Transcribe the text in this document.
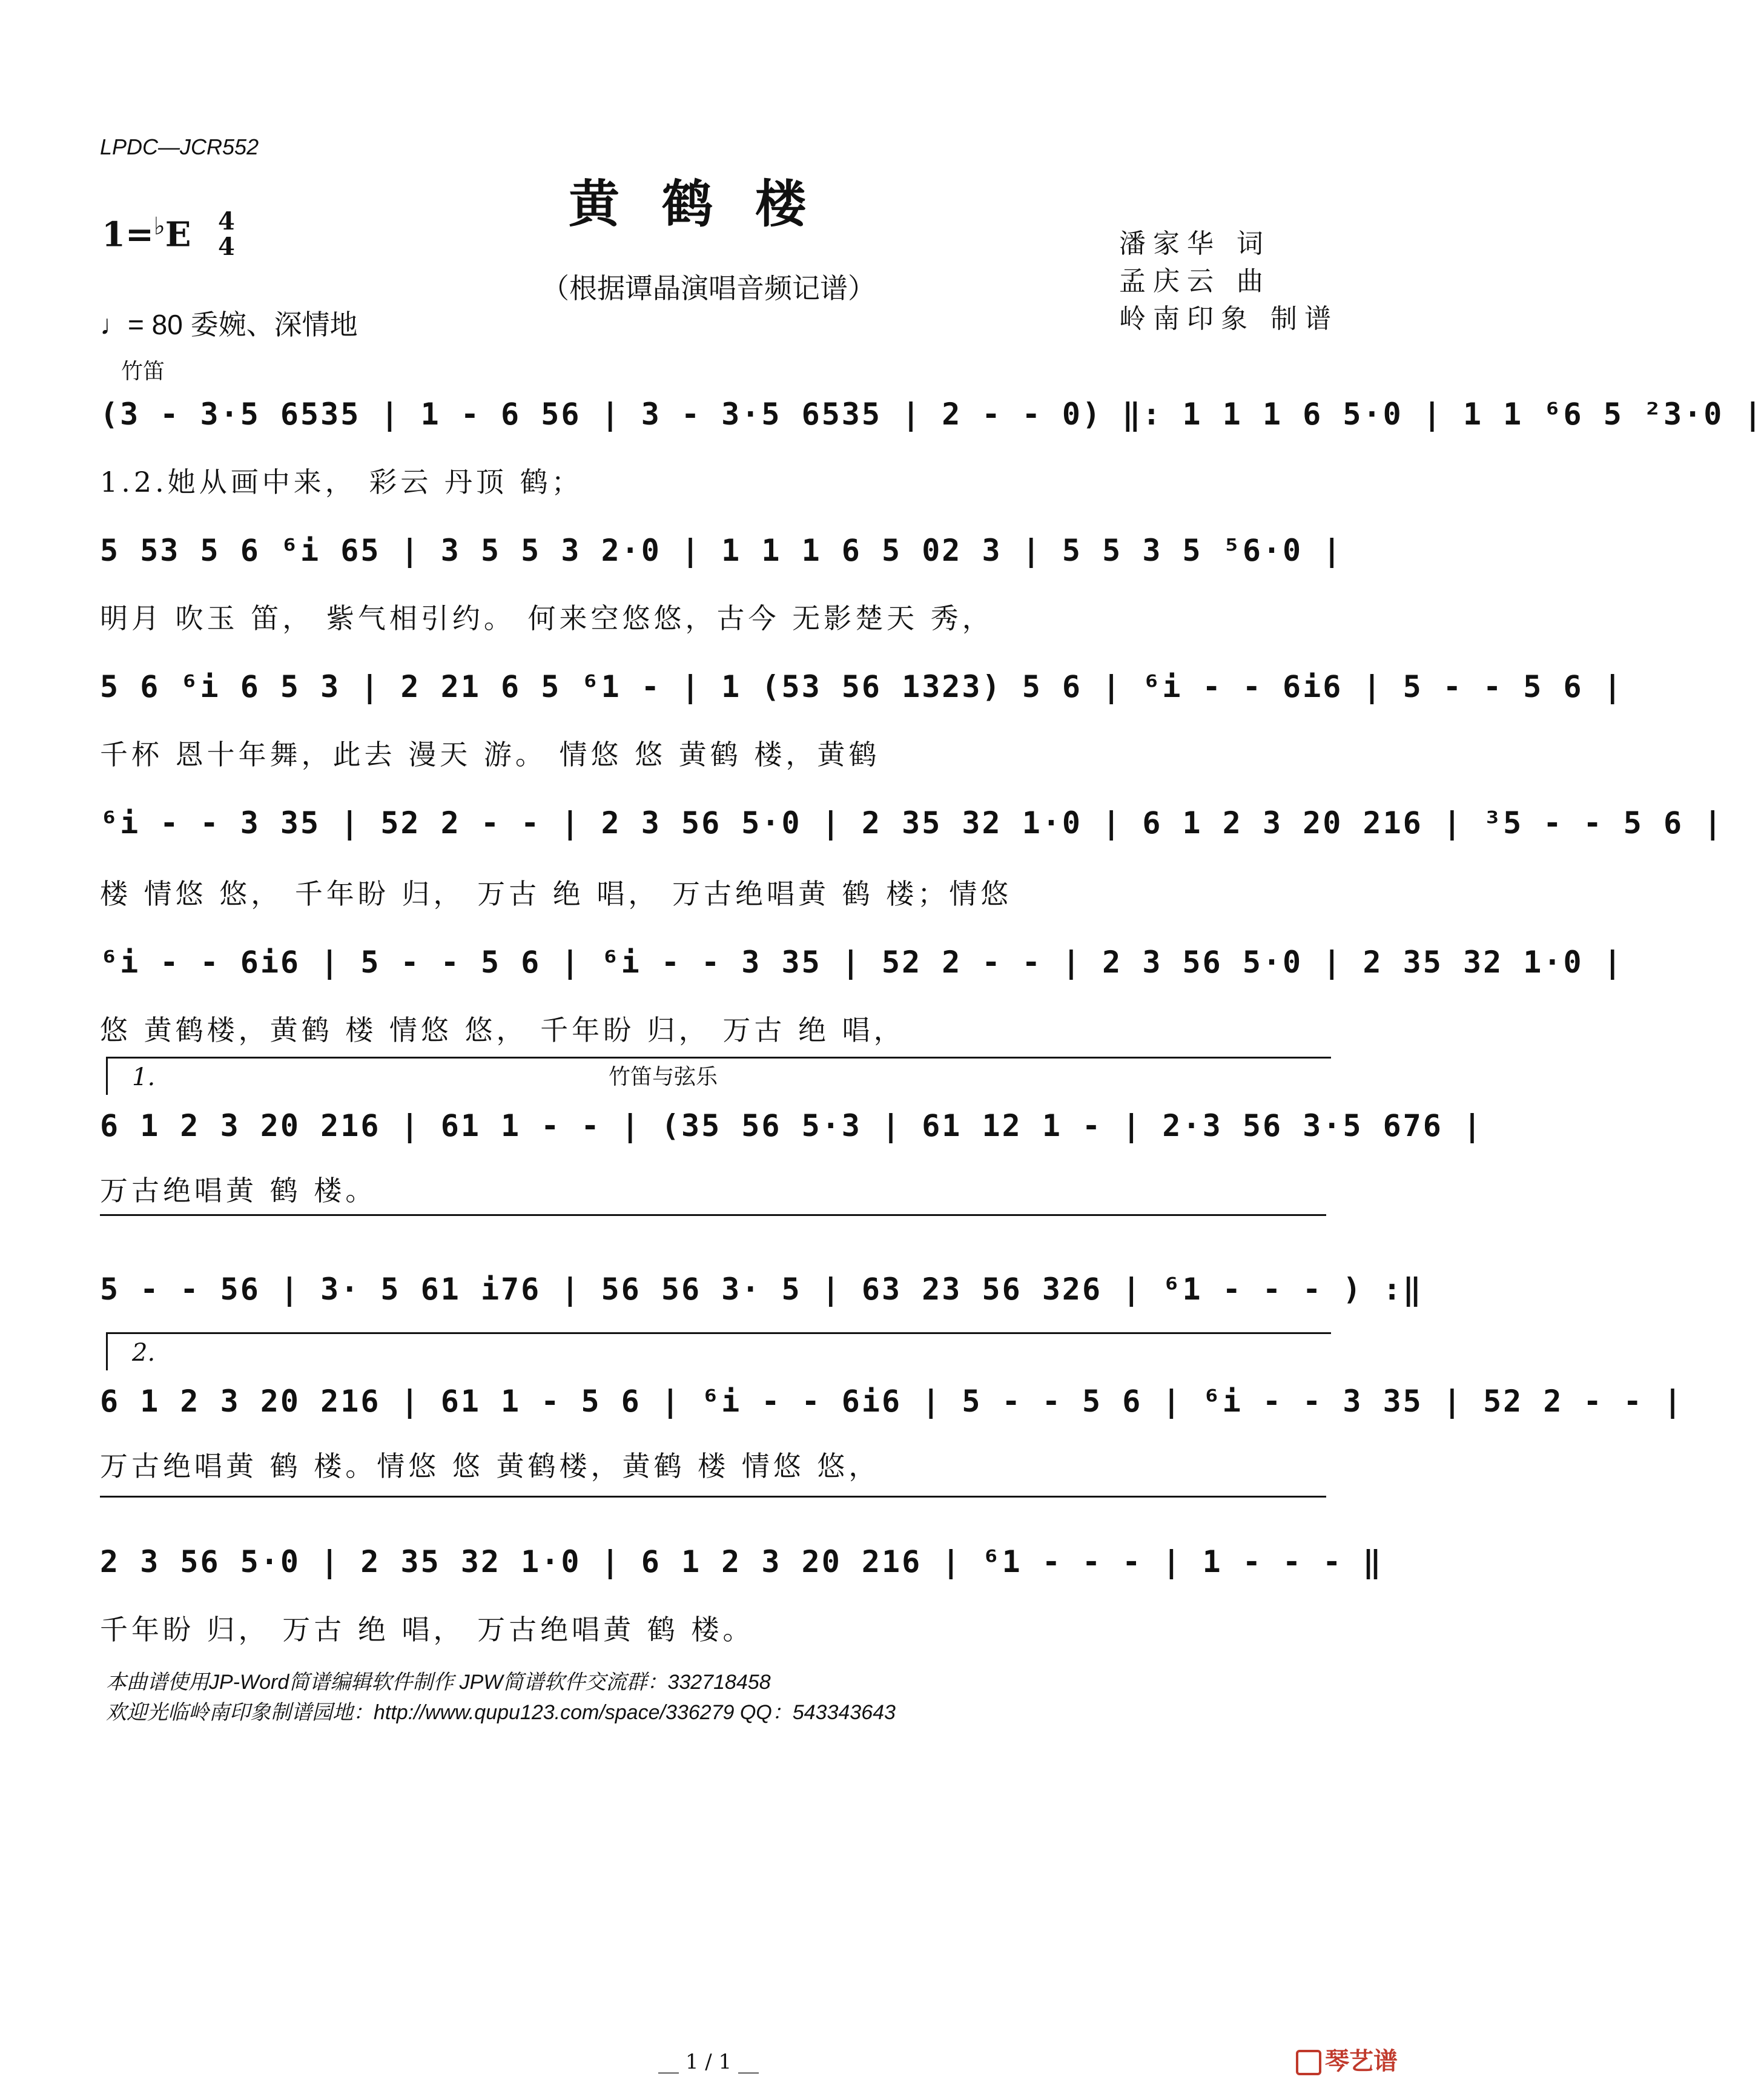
LPDC—JCR552
黄鹤楼
（根据谭晶演唱音频记谱）
1=♭E 4
4
♩= 80 委婉、深情地
潘家华 词
孟庆云 曲
岭南印象 制谱
竹笛
(3 - 3·5 6535 | 1 - 6 56 | 3 - 3·5 6535 | 2 - - 0) ‖: 1 1 1 6 5·0 | 1 1 ⁶6 5 ²3·0 |
1.2.她从画中来， 彩云 丹顶 鹤；
5 53 5 6 ⁶i 65 | 3 5 5 3 2·0 | 1 1 1 6 5 02 3 | 5 5 3 5 ⁵6·0 |
明月 吹玉 笛， 紫气相引约。 何来空悠悠，古今 无影楚天 秀，
5 6 ⁶i 6 5 3 | 2 21 6 5 ⁶1 - | 1 (53 56 1323) 5 6 | ⁶i - - 6i6 | 5 - - 5 6 |
千杯 恩十年舞，此去 漫天 游。 情悠 悠 黄鹤 楼，黄鹤
⁶i - - 3 35 | 52 2 - - | 2 3 56 5·0 | 2 35 32 1·0 | 6 1 2 3 20 216 | ³5 - - 5 6 |
楼 情悠 悠， 千年盼 归， 万古 绝 唱， 万古绝唱黄 鹤 楼；情悠
⁶i - - 6i6 | 5 - - 5 6 | ⁶i - - 3 35 | 52 2 - - | 2 3 56 5·0 | 2 35 32 1·0 |
悠 黄鹤楼，黄鹤 楼 情悠 悠， 千年盼 归， 万古 绝 唱，
1.	竹笛与弦乐
6 1 2 3 20 216 | 61 1 - - | (35 56 5·3 | 61 12 1 - | 2·3 56 3·5 676 |
万古绝唱黄 鹤 楼。
5 - - 56 | 3· 5 61 i76 | 56 56 3· 5 | 63 23 56 326 | ⁶1 - - - ) :‖
2.
6 1 2 3 20 216 | 61 1 - 5 6 | ⁶i - - 6i6 | 5 - - 5 6 | ⁶i - - 3 35 | 52 2 - - |
万古绝唱黄 鹤 楼。情悠 悠 黄鹤楼，黄鹤 楼 情悠 悠，
2 3 56 5·0 | 2 35 32 1·0 | 6 1 2 3 20 216 | ⁶1 - - - | 1 - - - ‖
千年盼 归， 万古 绝 唱， 万古绝唱黄 鹤 楼。
本曲谱使用JP-Word简谱编辑软件制作 JPW简谱软件交流群：332718458
欢迎光临岭南印象制谱园地：http://www.qupu123.com/space/336279 QQ：543343643
__ 1 / 1 __	琴艺谱
